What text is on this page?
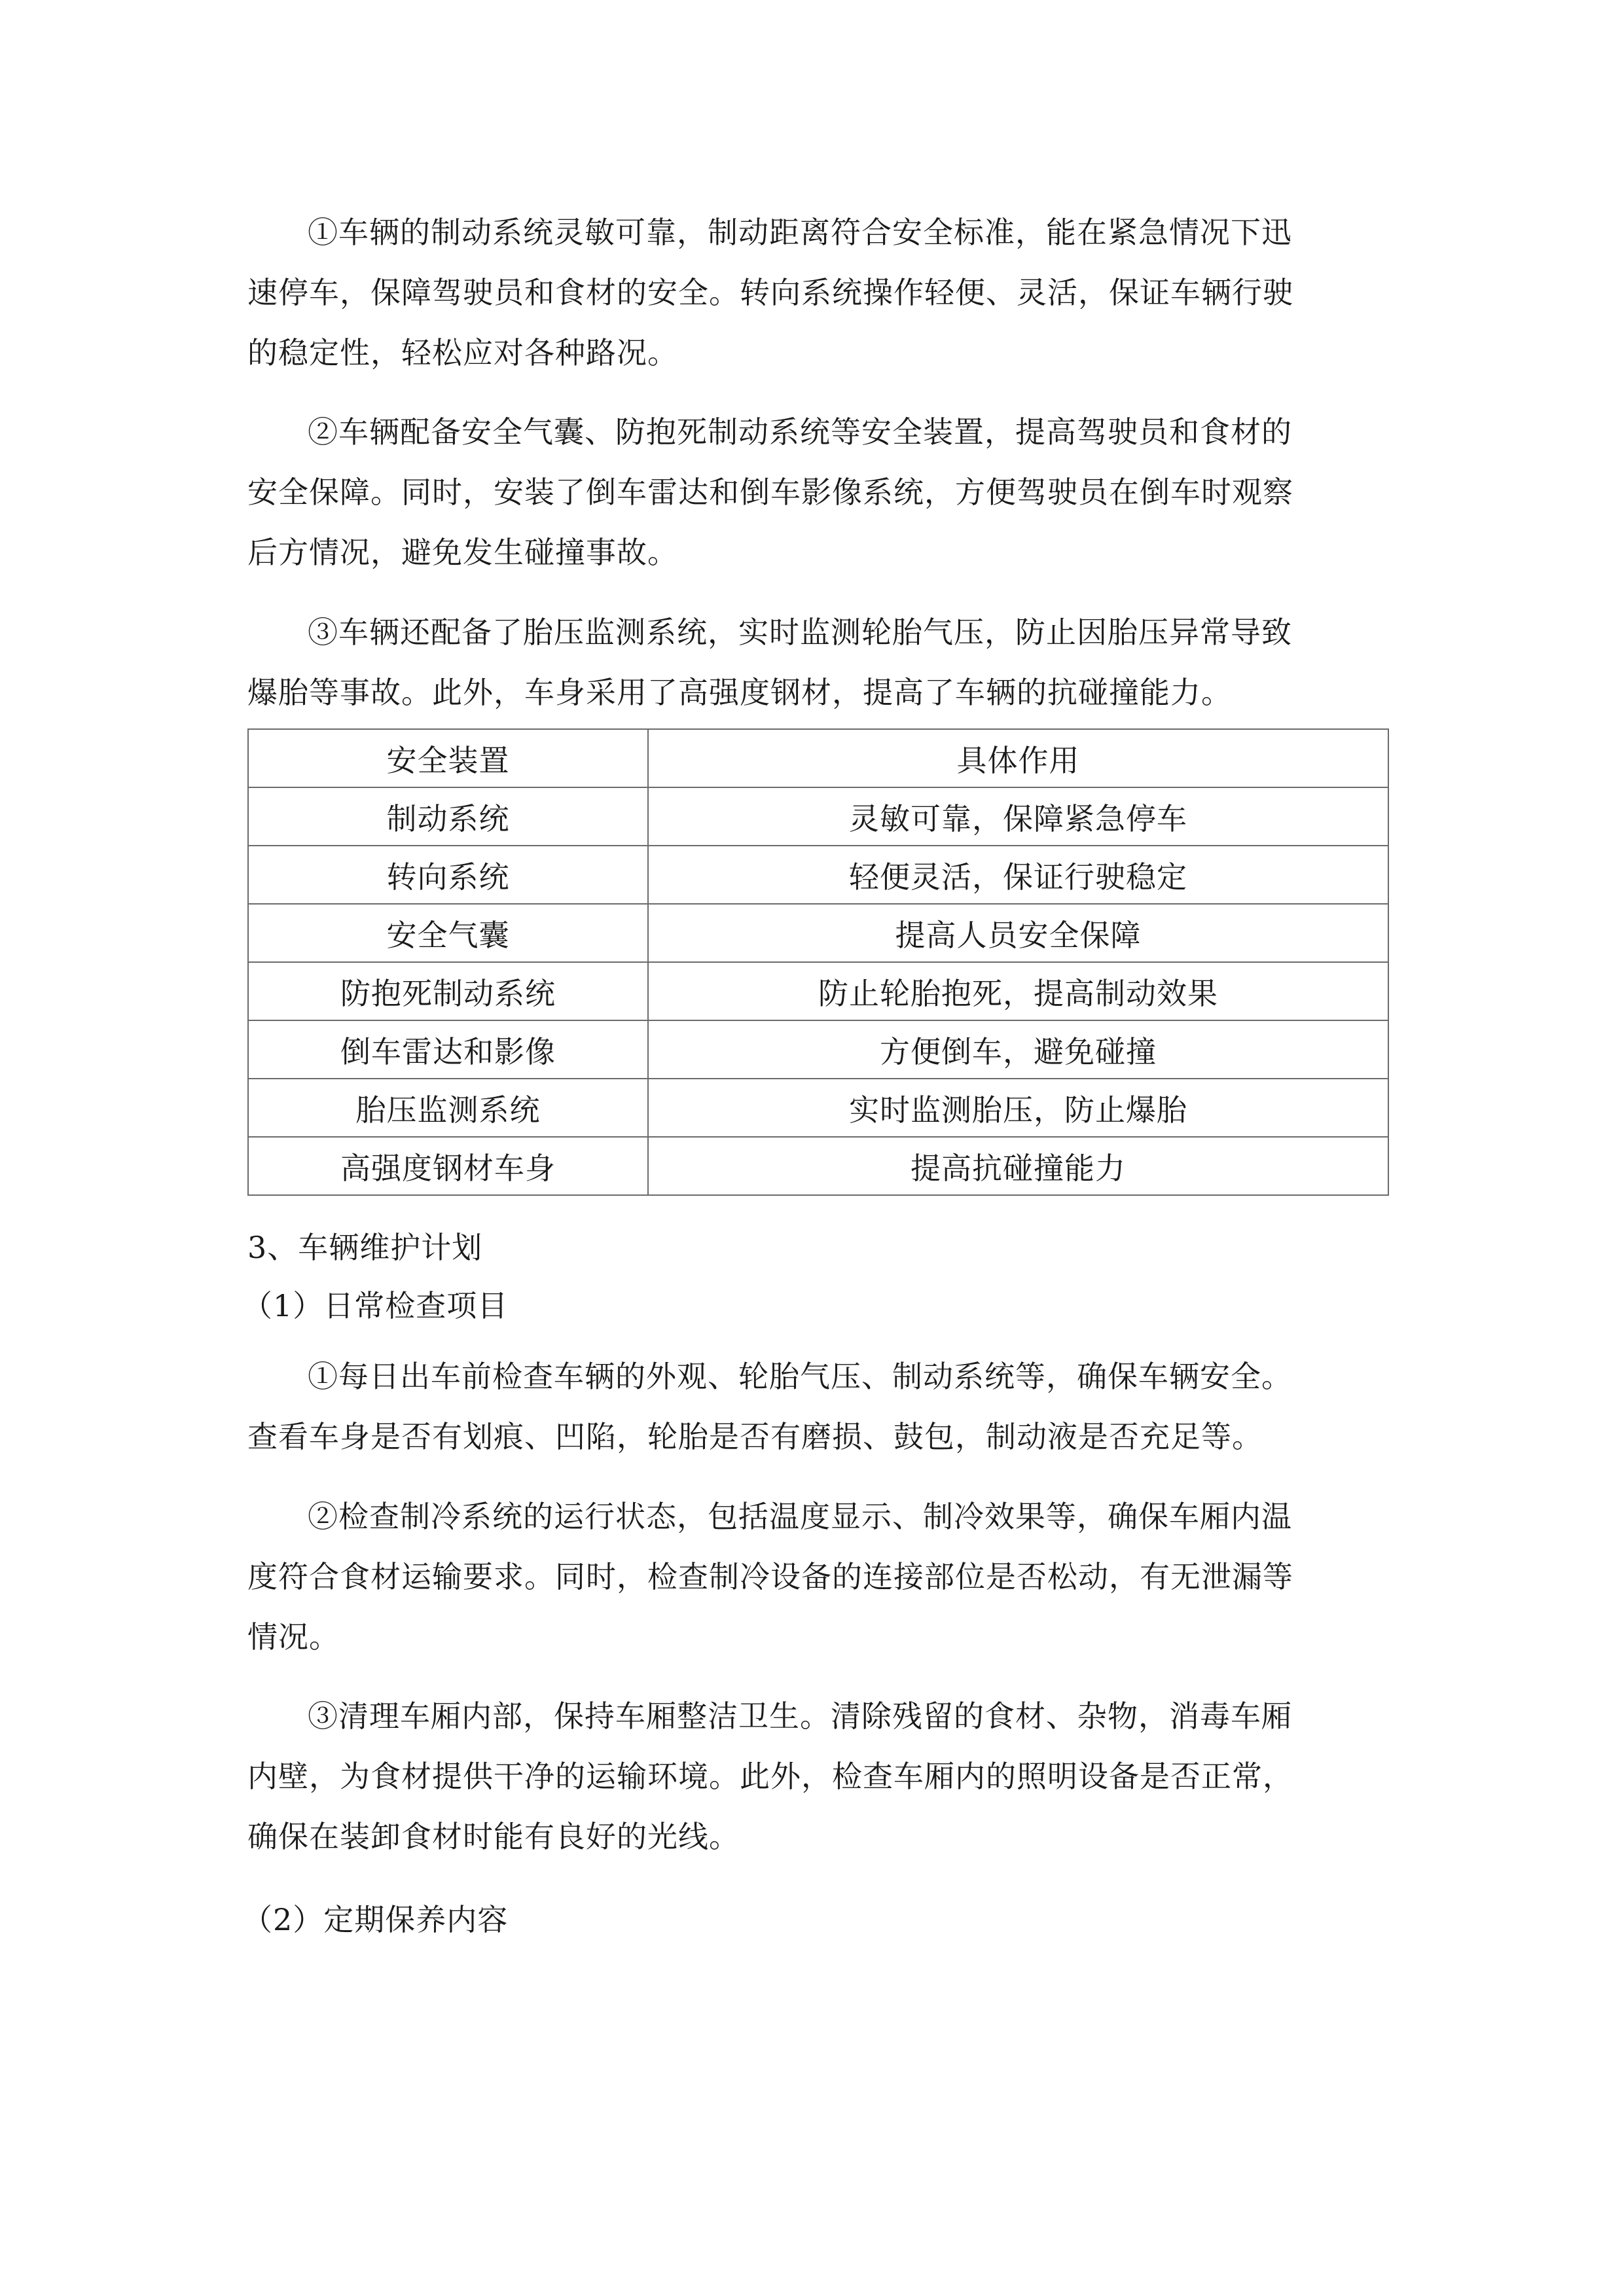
①车辆的制动系统灵敏可靠，制动距离符合安全标准，能在紧急情况下迅
速停车，保障驾驶员和食材的安全。转向系统操作轻便、灵活，保证车辆行驶
的稳定性，轻松应对各种路况。

②车辆配备安全气囊、防抱死制动系统等安全装置，提高驾驶员和食材的
安全保障。同时，安装了倒车雷达和倒车影像系统，方便驾驶员在倒车时观察
后方情况，避免发生碰撞事故。

③车辆还配备了胎压监测系统，实时监测轮胎气压，防止因胎压异常导致
爆胎等事故。此外，车身采用了高强度钢材，提高了车辆的抗碰撞能力。

安全装置	具体作用
制动系统	灵敏可靠，保障紧急停车
转向系统	轻便灵活，保证行驶稳定
安全气囊	提高人员安全保障
防抱死制动系统	防止轮胎抱死，提高制动效果
倒车雷达和影像	方便倒车，避免碰撞
胎压监测系统	实时监测胎压，防止爆胎
高强度钢材车身	提高抗碰撞能力
3、车辆维护计划
（1）日常检查项目

①每日出车前检查车辆的外观、轮胎气压、制动系统等，确保车辆安全。
查看车身是否有划痕、凹陷，轮胎是否有磨损、鼓包，制动液是否充足等。

②检查制冷系统的运行状态，包括温度显示、制冷效果等，确保车厢内温
度符合食材运输要求。同时，检查制冷设备的连接部位是否松动，有无泄漏等
情况。

③清理车厢内部，保持车厢整洁卫生。清除残留的食材、杂物，消毒车厢
内壁，为食材提供干净的运输环境。此外，检查车厢内的照明设备是否正常，
确保在装卸食材时能有良好的光线。

（2）定期保养内容
